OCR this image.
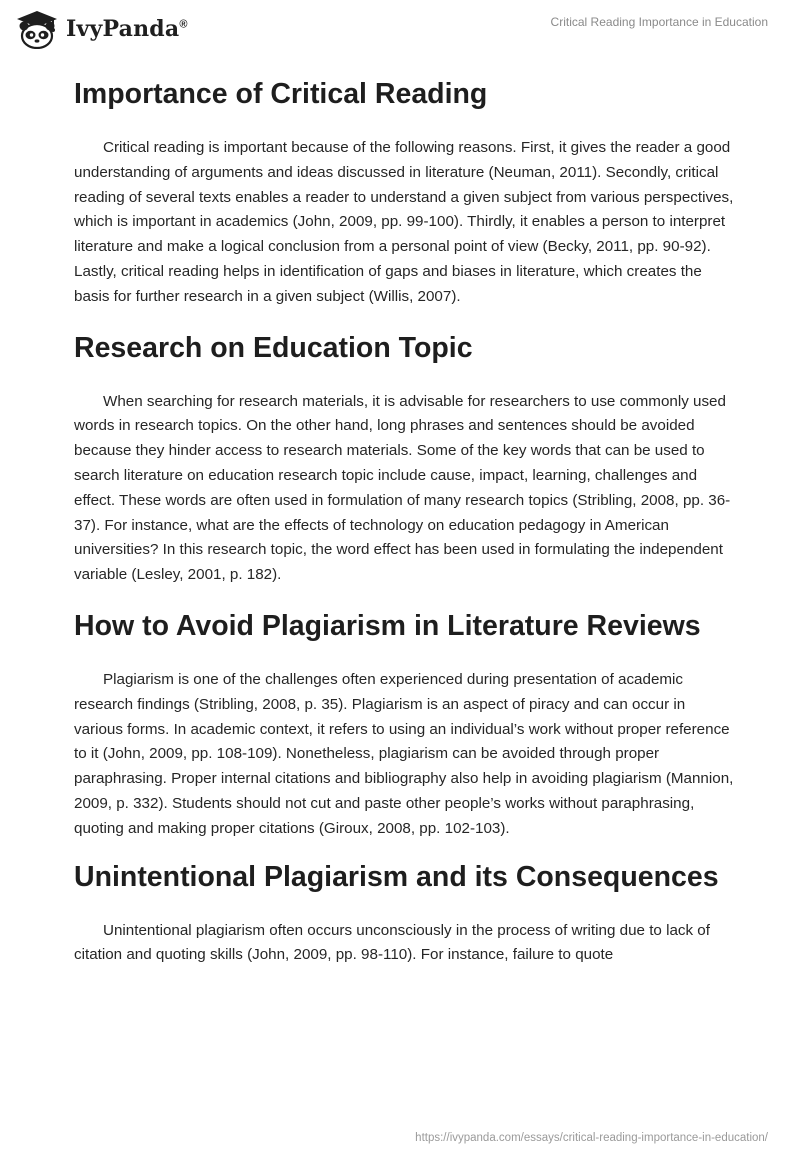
IvyPanda®	Critical Reading Importance in Education
Importance of Critical Reading

Critical reading is important because of the following reasons. First, it gives the reader a good understanding of arguments and ideas discussed in literature (Neuman, 2011). Secondly, critical reading of several texts enables a reader to understand a given subject from various perspectives, which is important in academics (John, 2009, pp. 99-100). Thirdly, it enables a person to interpret literature and make a logical conclusion from a personal point of view (Becky, 2011, pp. 90-92). Lastly, critical reading helps in identification of gaps and biases in literature, which creates the basis for further research in a given subject (Willis, 2007).

Research on Education Topic

When searching for research materials, it is advisable for researchers to use commonly used words in research topics. On the other hand, long phrases and sentences should be avoided because they hinder access to research materials. Some of the key words that can be used to search literature on education research topic include cause, impact, learning, challenges and effect. These words are often used in formulation of many research topics (Stribling, 2008, pp. 36-37). For instance, what are the effects of technology on education pedagogy in American universities? In this research topic, the word effect has been used in formulating the independent variable (Lesley, 2001, p. 182).

How to Avoid Plagiarism in Literature Reviews

Plagiarism is one of the challenges often experienced during presentation of academic research findings (Stribling, 2008, p. 35). Plagiarism is an aspect of piracy and can occur in various forms. In academic context, it refers to using an individual’s work without proper reference to it (John, 2009, pp. 108-109). Nonetheless, plagiarism can be avoided through proper paraphrasing. Proper internal citations and bibliography also help in avoiding plagiarism (Mannion, 2009, p. 332). Students should not cut and paste other people’s works without paraphrasing, quoting and making proper citations (Giroux, 2008, pp. 102-103).

Unintentional Plagiarism and its Consequences

Unintentional plagiarism often occurs unconsciously in the process of writing due to lack of citation and quoting skills (John, 2009, pp. 98-110). For instance, failure to quote

https://ivypanda.com/essays/critical-reading-importance-in-education/
